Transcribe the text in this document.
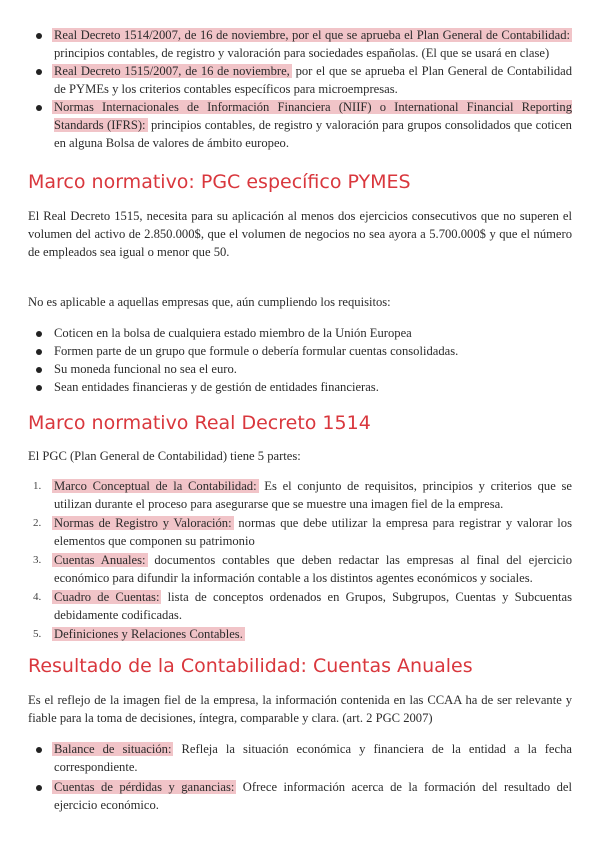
Real Decreto 1514/2007, de 16 de noviembre, por el que se aprueba el Plan General de Contabilidad: principios contables, de registro y valoración para sociedades españolas. (El que se usará en clase)
Real Decreto 1515/2007, de 16 de noviembre, por el que se aprueba el Plan General de Contabilidad de PYMEs y los criterios contables específicos para microempresas.
Normas Internacionales de Información Financiera (NIIF) o International Financial Reporting Standards (IFRS): principios contables, de registro y valoración para grupos consolidados que coticen en alguna Bolsa de valores de ámbito europeo.
Marco normativo: PGC específico PYMES

El Real Decreto 1515, necesita para su aplicación al menos dos ejercicios consecutivos que no superen el volumen del activo de 2.850.000$, que el volumen de negocios no sea ayora a 5.700.000$ y que el número de empleados sea igual o menor que 50.

No es aplicable a aquellas empresas que, aún cumpliendo los requisitos:

Coticen en la bolsa de cualquiera estado miembro de la Unión Europea
Formen parte de un grupo que formule o debería formular cuentas consolidadas.
Su moneda funcional no sea el euro.
Sean entidades financieras y de gestión de entidades financieras.
Marco normativo Real Decreto 1514

El PGC (Plan General de Contabilidad) tiene 5 partes:

1. Marco Conceptual de la Contabilidad: Es el conjunto de requisitos, principios y criterios que se utilizan durante el proceso para asegurarse que se muestre una imagen fiel de la empresa.
2. Normas de Registro y Valoración: normas que debe utilizar la empresa para registrar y valorar los elementos que componen su patrimonio
3. Cuentas Anuales: documentos contables que deben redactar las empresas al final del ejercicio económico para difundir la información contable a los distintos agentes económicos y sociales.
4. Cuadro de Cuentas: lista de conceptos ordenados en Grupos, Subgrupos, Cuentas y Subcuentas debidamente codificadas.
5. Definiciones y Relaciones Contables.
Resultado de la Contabilidad: Cuentas Anuales

Es el reflejo de la imagen fiel de la empresa, la información contenida en las CCAA ha de ser relevante y fiable para la toma de decisiones, íntegra, comparable y clara. (art. 2 PGC 2007)

Balance de situación: Refleja la situación económica y financiera de la entidad a la fecha correspondiente.
Cuentas de pérdidas y ganancias: Ofrece información acerca de la formación del resultado del ejercicio económico.
